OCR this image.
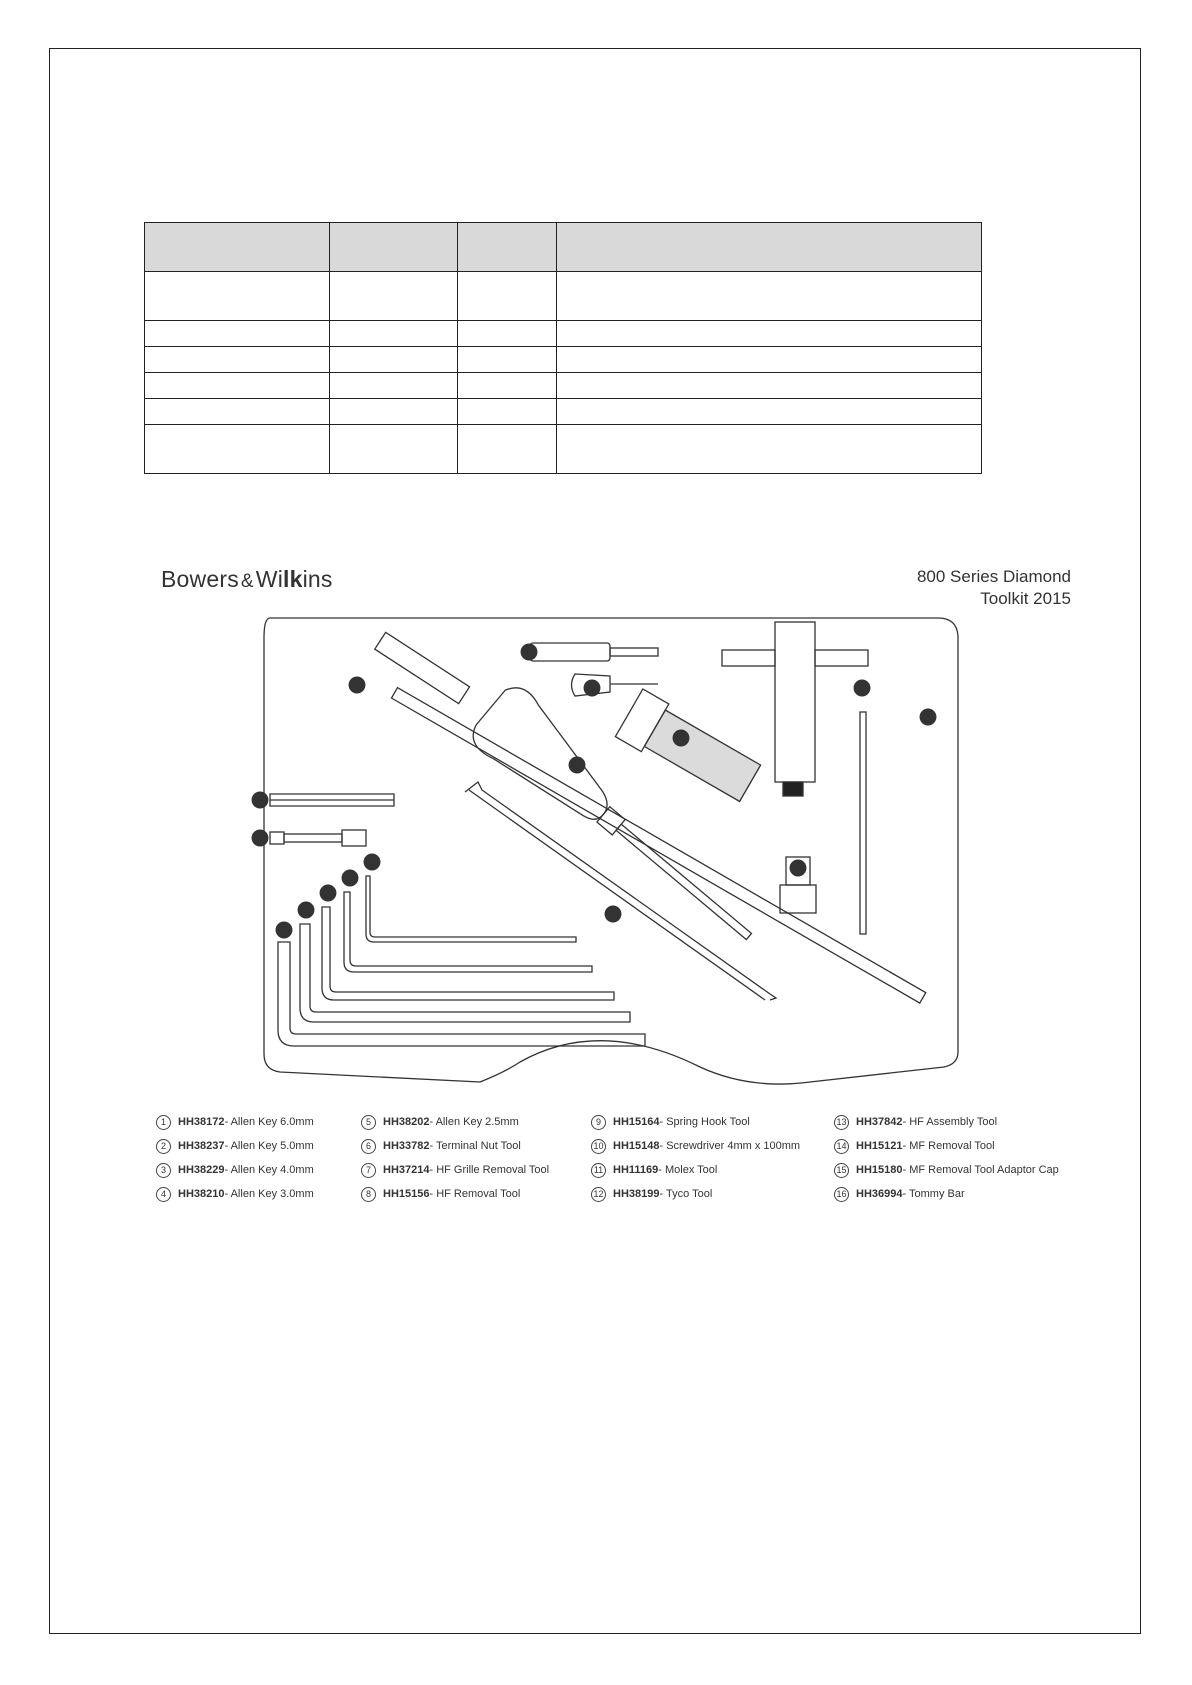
Bowers &Wilkins	800 Series Diamond
Toolkit 2015
1
2
3
4
5
6
7
8
9
10
11
12
13
14
15
16
1	HH38172 - Allen Key 6.0mm
2	HH38237 - Allen Key 5.0mm
3	HH38229 - Allen Key 4.0mm
4	HH38210 - Allen Key 3.0mm
5	HH38202 - Allen Key 2.5mm
6	HH33782 - Terminal Nut Tool
7	HH37214 - HF Grille Removal Tool
8	HH15156 - HF Removal Tool
9	HH15164 - Spring Hook Tool
10 HH15148 - Screwdriver 4mm x 100mm
11 HH11169 - Molex Tool
12 HH38199 - Tyco Tool
13 HH37842 - HF Assembly Tool
14 HH15121 - MF Removal Tool
15 HH15180 - MF Removal Tool Adaptor Cap
16 HH36994 - Tommy Bar
